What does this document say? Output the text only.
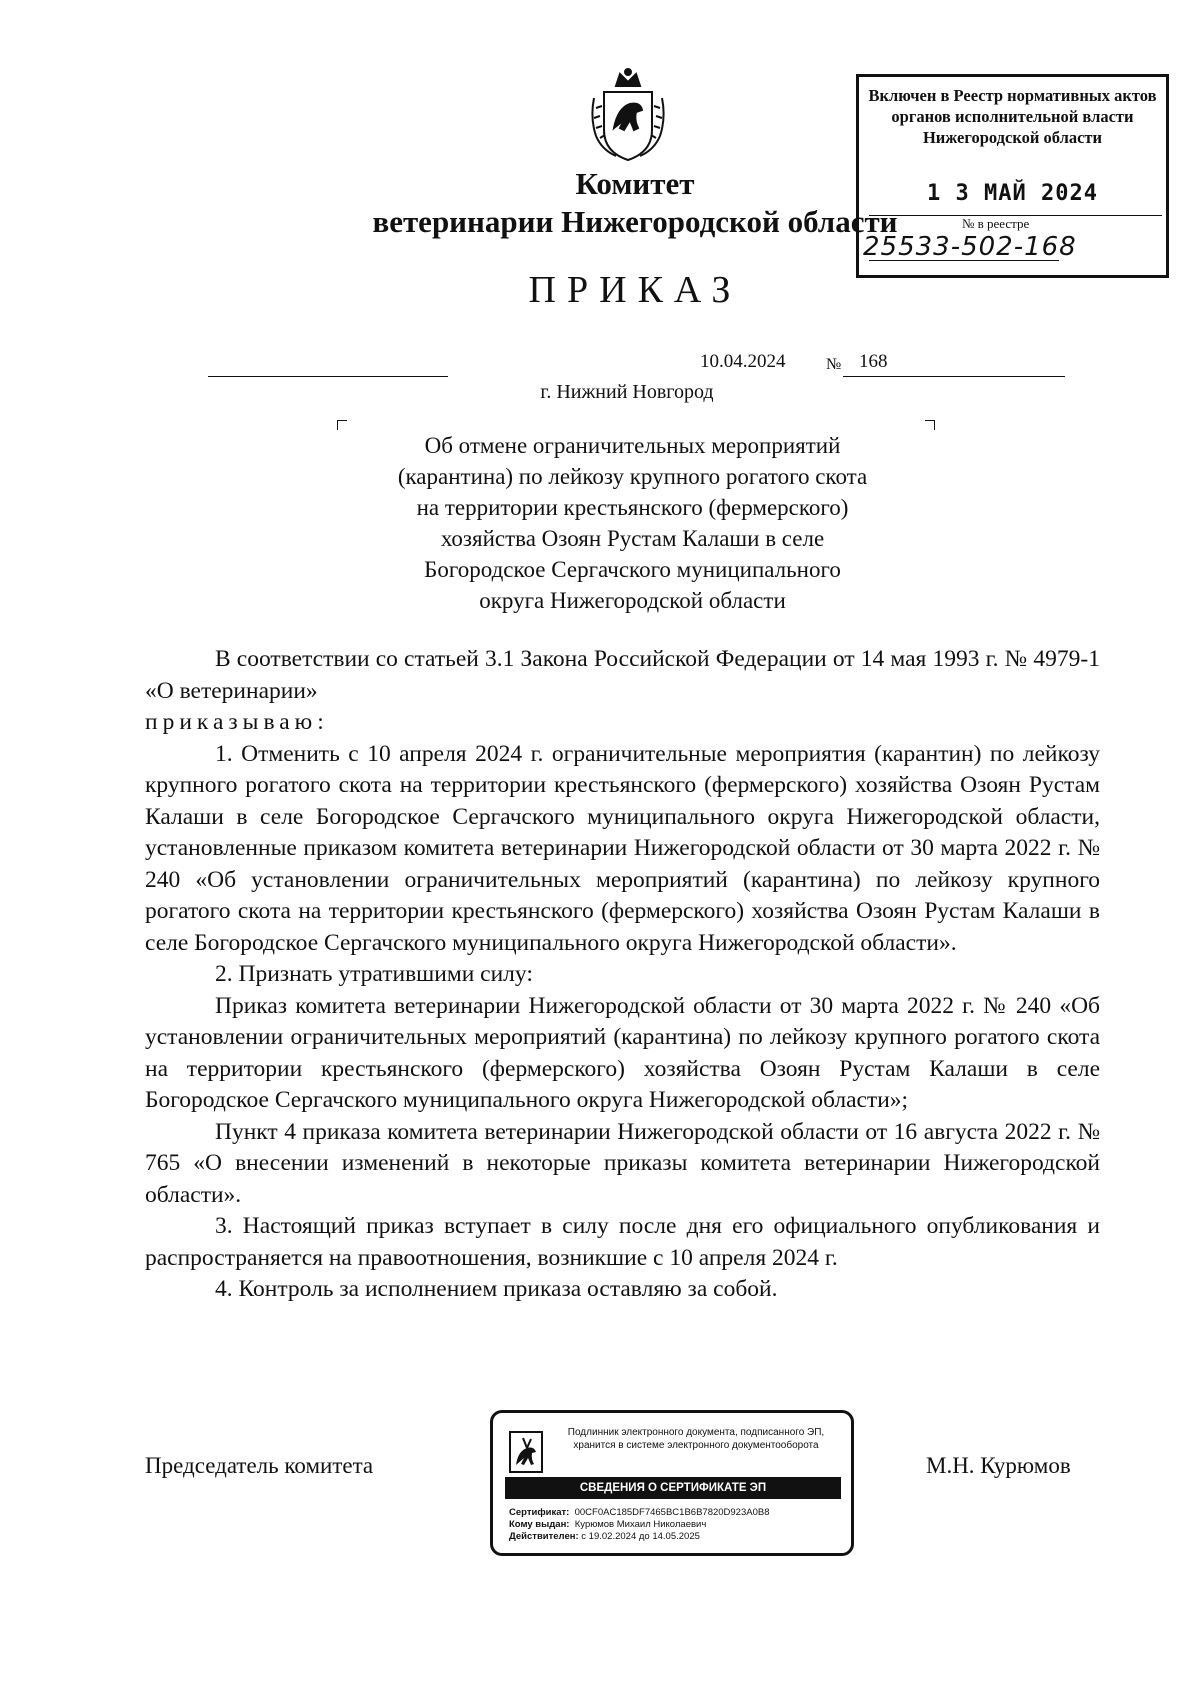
Комитет
ветеринарии Нижегородской области
ПРИКАЗ
Включен в Реестр нормативных актов органов исполнительной власти Нижегородской области
1 3 МАЙ 2024
№ в реестре
25533-502-168
10.04.2024	№ 168
г. Нижний Новгород
Об отмене ограничительных мероприятий
(карантина) по лейкозу крупного рогатого скота
на территории крестьянского (фермерского)
хозяйства Озоян Рустам Калаши в селе
Богородское Сергачского муниципального
округа Нижегородской области

В соответствии со статьей 3.1 Закона Российской Федерации от 14 мая 1993 г. № 4979-1 «О ветеринарии»

приказываю:

1. Отменить с 10 апреля 2024 г. ограничительные мероприятия (карантин) по лейкозу крупного рогатого скота на территории крестьянского (фермерского) хозяйства Озоян Рустам Калаши в селе Богородское Сергачского муниципального округа Нижегородской области, установленные приказом комитета ветеринарии Нижегородской области от 30 марта 2022 г. № 240 «Об установлении ограничительных мероприятий (карантина) по лейкозу крупного рогатого скота на территории крестьянского (фермерского) хозяйства Озоян Рустам Калаши в селе Богородское Сергачского муниципального округа Нижегородской области».

2. Признать утратившими силу:

Приказ комитета ветеринарии Нижегородской области от 30 марта 2022 г. № 240 «Об установлении ограничительных мероприятий (карантина) по лейкозу крупного рогатого скота на территории крестьянского (фермерского) хозяйства Озоян Рустам Калаши в селе Богородское Сергачского муниципального округа Нижегородской области»;

Пункт 4 приказа комитета ветеринарии Нижегородской области от 16 августа 2022 г. № 765 «О внесении изменений в некоторые приказы комитета ветеринарии Нижегородской области».

3. Настоящий приказ вступает в силу после дня его официального опубликования и распространяется на правоотношения, возникшие с 10 апреля 2024 г.

4. Контроль за исполнением приказа оставляю за собой.

Председатель комитета	М.Н. Курюмов
Подлинник электронного документа, подписанного ЭП,
хранится в системе электронного документооборота
СВЕДЕНИЯ О СЕРТИФИКАТЕ ЭП
Сертификат: 00CF0AC185DF7465BC1B6B7820D923A0B8
Кому выдан: Курюмов Михаил Николаевич
Действителен: с 19.02.2024 до 14.05.2025
